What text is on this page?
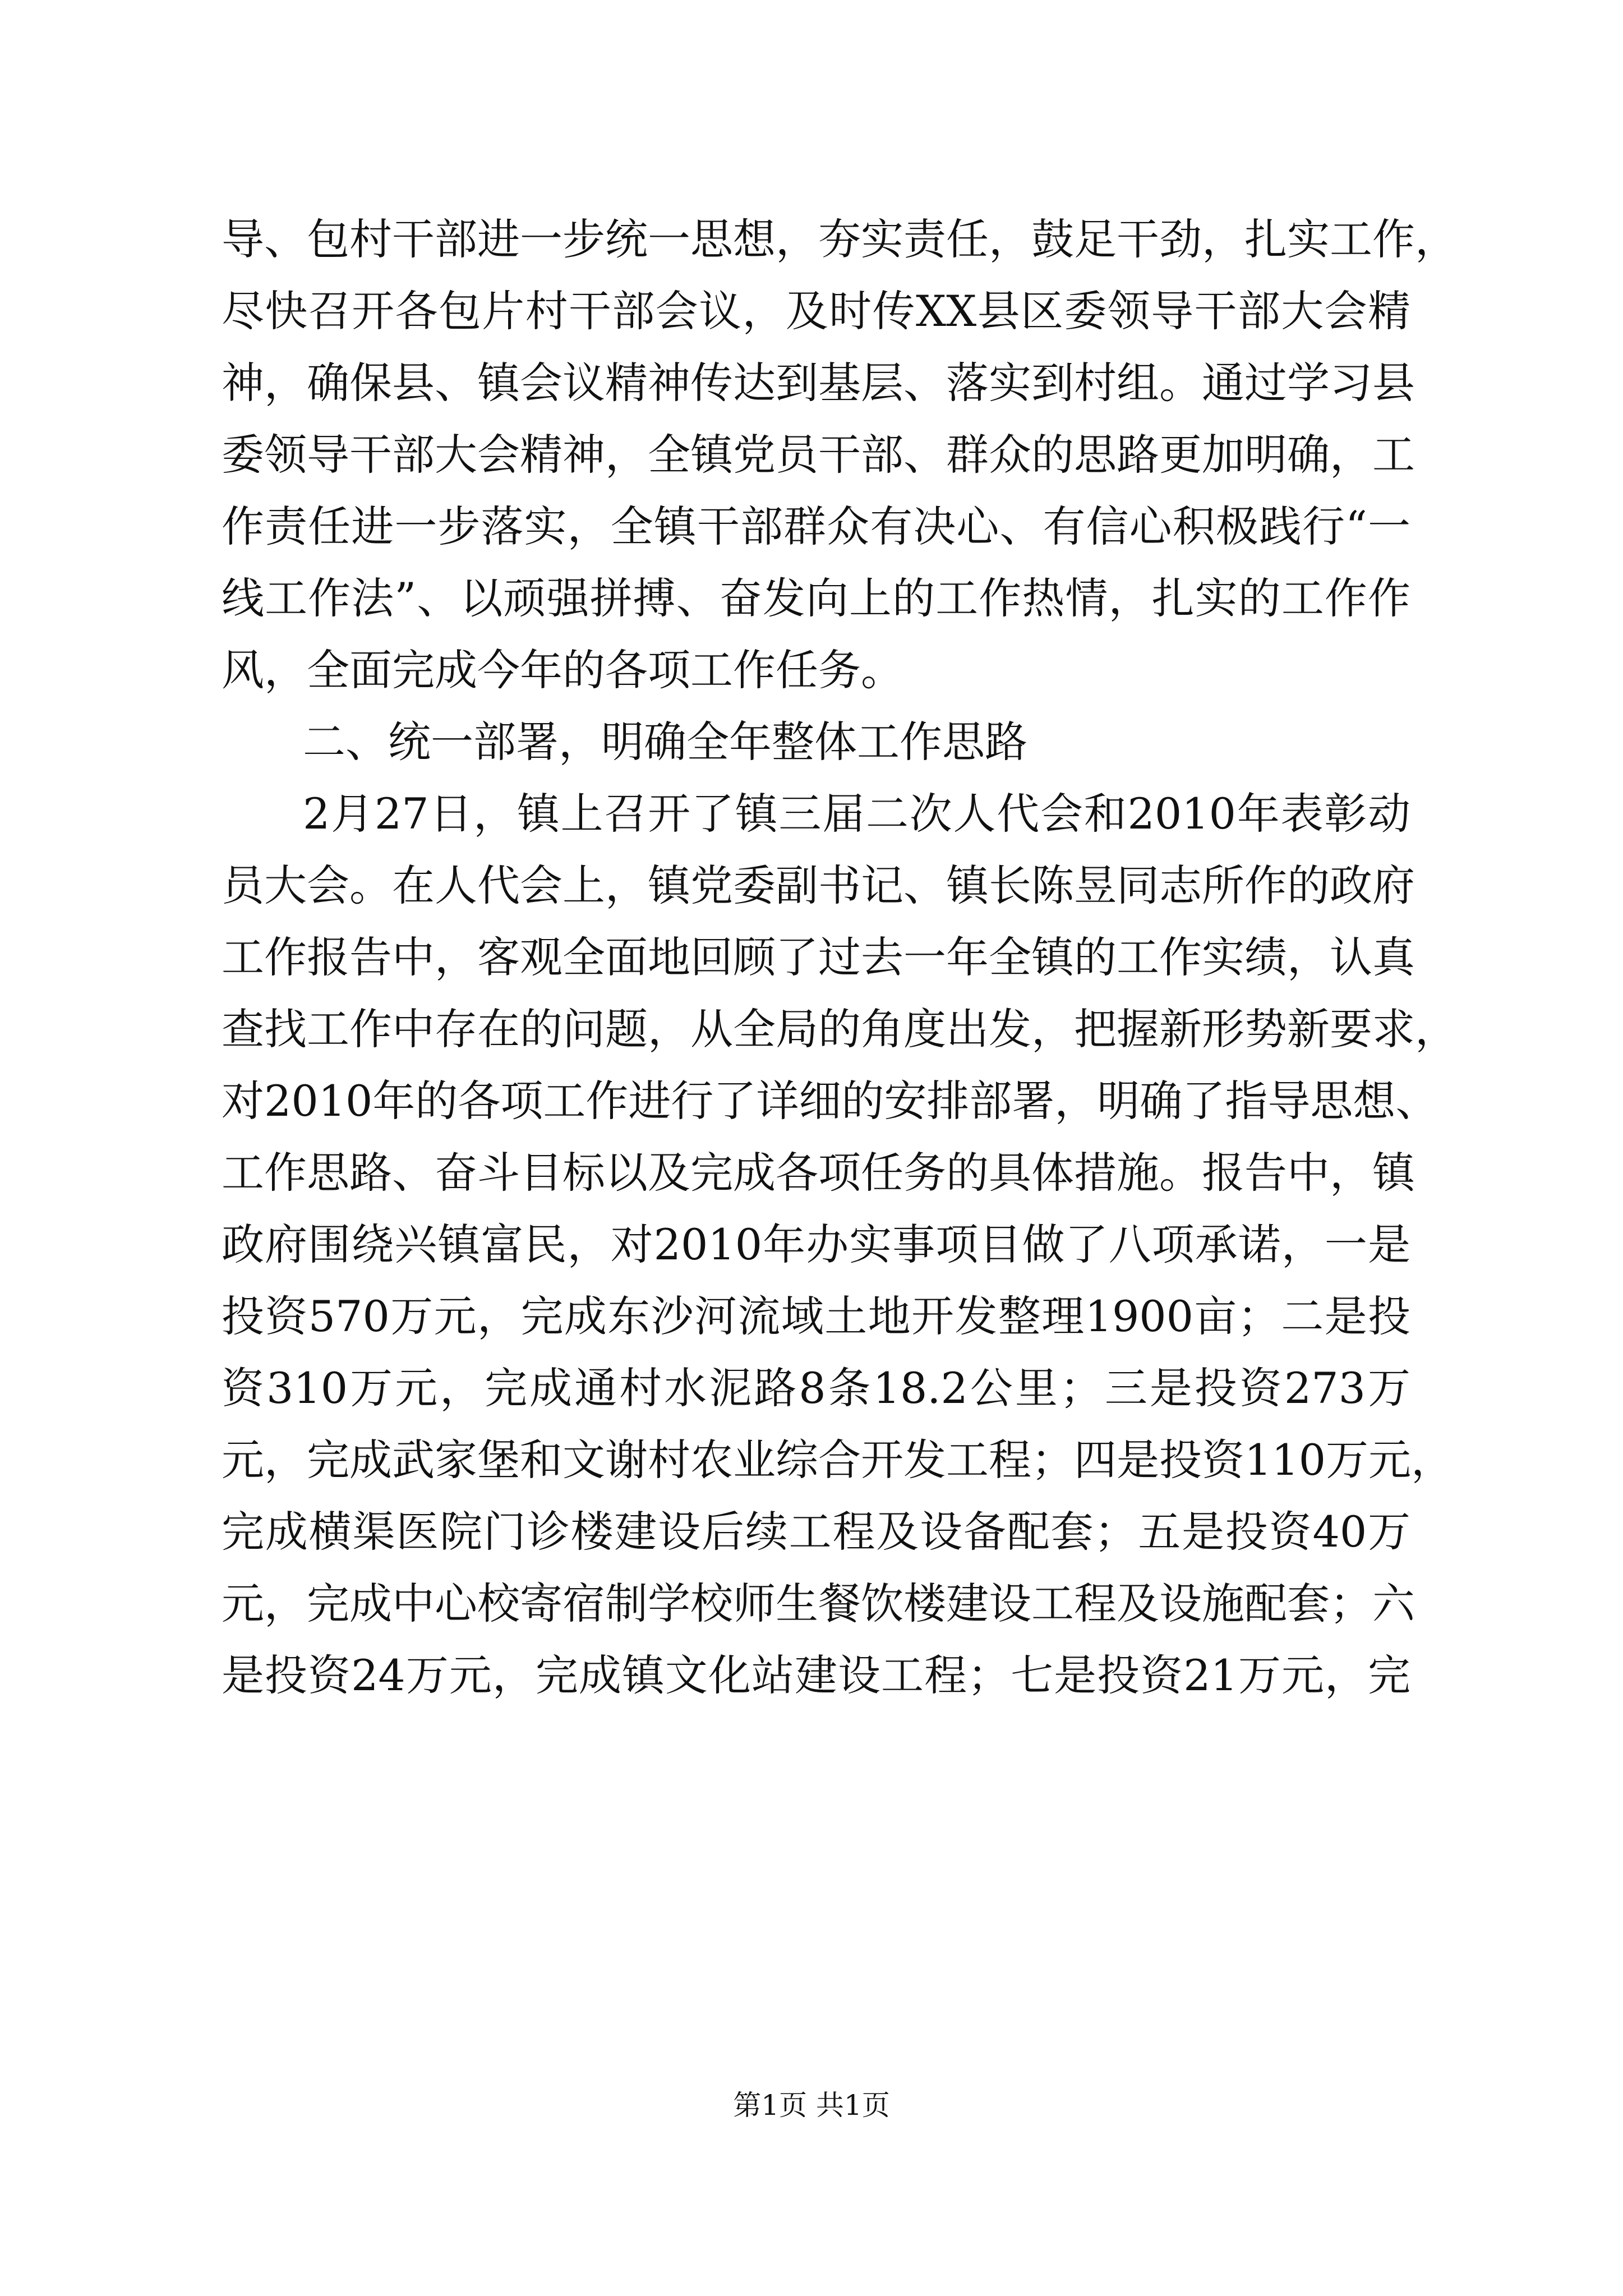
导、包村干部进一步统一思想，夯实责任，鼓足干劲，扎实工作，
尽快召开各包片村干部会议，及时传XX县区委领导干部大会精
神，确保县、镇会议精神传达到基层、落实到村组。通过学习县
委领导干部大会精神，全镇党员干部、群众的思路更加明确，工
作责任进一步落实，全镇干部群众有决心、有信心积极践行“一
线工作法”、以顽强拼搏、奋发向上的工作热情，扎实的工作作
风，全面完成今年的各项工作任务。
二、统一部署，明确全年整体工作思路
2月27日，镇上召开了镇三届二次人代会和2010年表彰动
员大会。在人代会上，镇党委副书记、镇长陈昱同志所作的政府
工作报告中，客观全面地回顾了过去一年全镇的工作实绩，认真
查找工作中存在的问题，从全局的角度出发，把握新形势新要求，
对2010年的各项工作进行了详细的安排部署，明确了指导思想、
工作思路、奋斗目标以及完成各项任务的具体措施。报告中，镇
政府围绕兴镇富民，对2010年办实事项目做了八项承诺，一是
投资570万元，完成东沙河流域土地开发整理1900亩；二是投
资310万元，完成通村水泥路8条18.2公里；三是投资273万
元，完成武家堡和文谢村农业综合开发工程；四是投资110万元，
完成横渠医院门诊楼建设后续工程及设备配套；五是投资40万
元，完成中心校寄宿制学校师生餐饮楼建设工程及设施配套；六
是投资24万元，完成镇文化站建设工程；七是投资21万元，完
第1页 共1页
